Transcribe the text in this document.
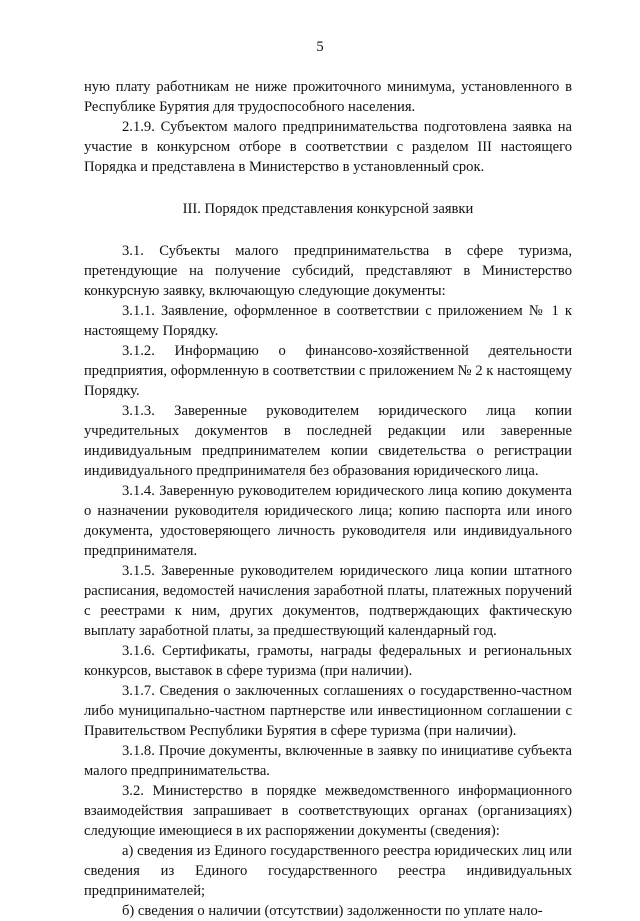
5

ную плату работникам не ниже прожиточного минимума, установленного в Республике Бурятия для трудоспособного населения.

2.1.9. Субъектом малого предпринимательства подготовлена заявка на участие в конкурсном отборе в соответствии с разделом III настоящего Порядка и представлена в Министерство в установленный срок.

III. Порядок представления конкурсной заявки

3.1. Субъекты малого предпринимательства в сфере туризма, претендующие на получение субсидий, представляют в Министерство конкурсную заявку, включающую следующие документы:

3.1.1. Заявление, оформленное в соответствии с приложением № 1 к настоящему Порядку.

3.1.2. Информацию о финансово-хозяйственной деятельности предприятия, оформленную в соответствии с приложением № 2 к настоящему Порядку.

3.1.3. Заверенные руководителем юридического лица копии учредительных документов в последней редакции или заверенные индивидуальным предпринимателем копии свидетельства о регистрации индивидуального предпринимателя без образования юридического лица.

3.1.4. Заверенную руководителем юридического лица копию документа о назначении руководителя юридического лица; копию паспорта или иного документа, удостоверяющего личность руководителя или индивидуального предпринимателя.

3.1.5. Заверенные руководителем юридического лица копии штатного расписания, ведомостей начисления заработной платы, платежных поручений с реестрами к ним, других документов, подтверждающих фактическую выплату заработной платы, за предшествующий календарный год.

3.1.6. Сертификаты, грамоты, награды федеральных и региональных конкурсов, выставок в сфере туризма (при наличии).

3.1.7. Сведения о заключенных соглашениях о государственно-частном либо муниципально-частном партнерстве или инвестиционном соглашении с Правительством Республики Бурятия в сфере туризма (при наличии).

3.1.8. Прочие документы, включенные в заявку по инициативе субъекта малого предпринимательства.

3.2. Министерство в порядке межведомственного информационного взаимодействия запрашивает в соответствующих органах (организациях) следующие имеющиеся в их распоряжении документы (сведения):

а) сведения из Единого государственного реестра юридических лиц или сведения из Единого государственного реестра индивидуальных предпринимателей;

б) сведения о наличии (отсутствии) задолженности по уплате нало-
